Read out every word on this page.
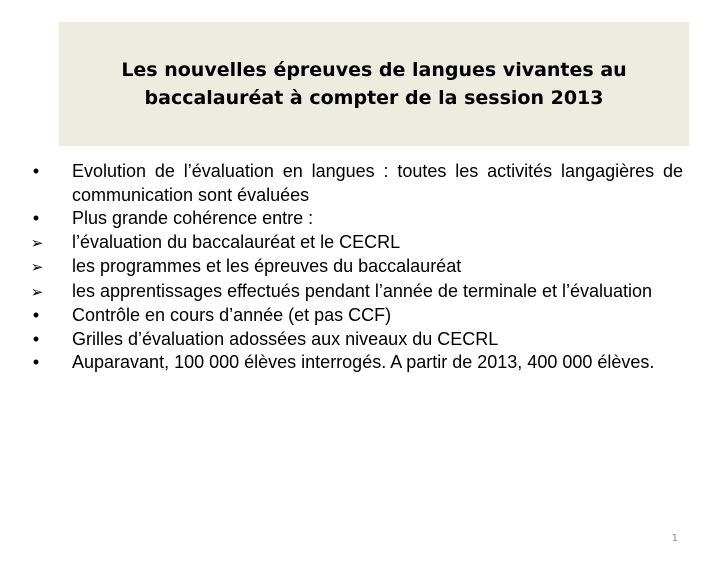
Les nouvelles épreuves de langues vivantes au baccalauréat à compter de la session 2013
•	Evolution de l’évaluation en langues : toutes les activités langagières de communication sont évaluées
•	Plus grande cohérence entre :
➢	l’évaluation du baccalauréat et le CECRL
➢	les programmes et les épreuves du baccalauréat
➢	les apprentissages effectués pendant l’année de terminale et l’évaluation
•	Contrôle en cours d’année (et pas CCF)
•	Grilles d’évaluation adossées aux niveaux du CECRL
•	Auparavant, 100 000 élèves interrogés. A partir de 2013, 400 000 élèves.
1
